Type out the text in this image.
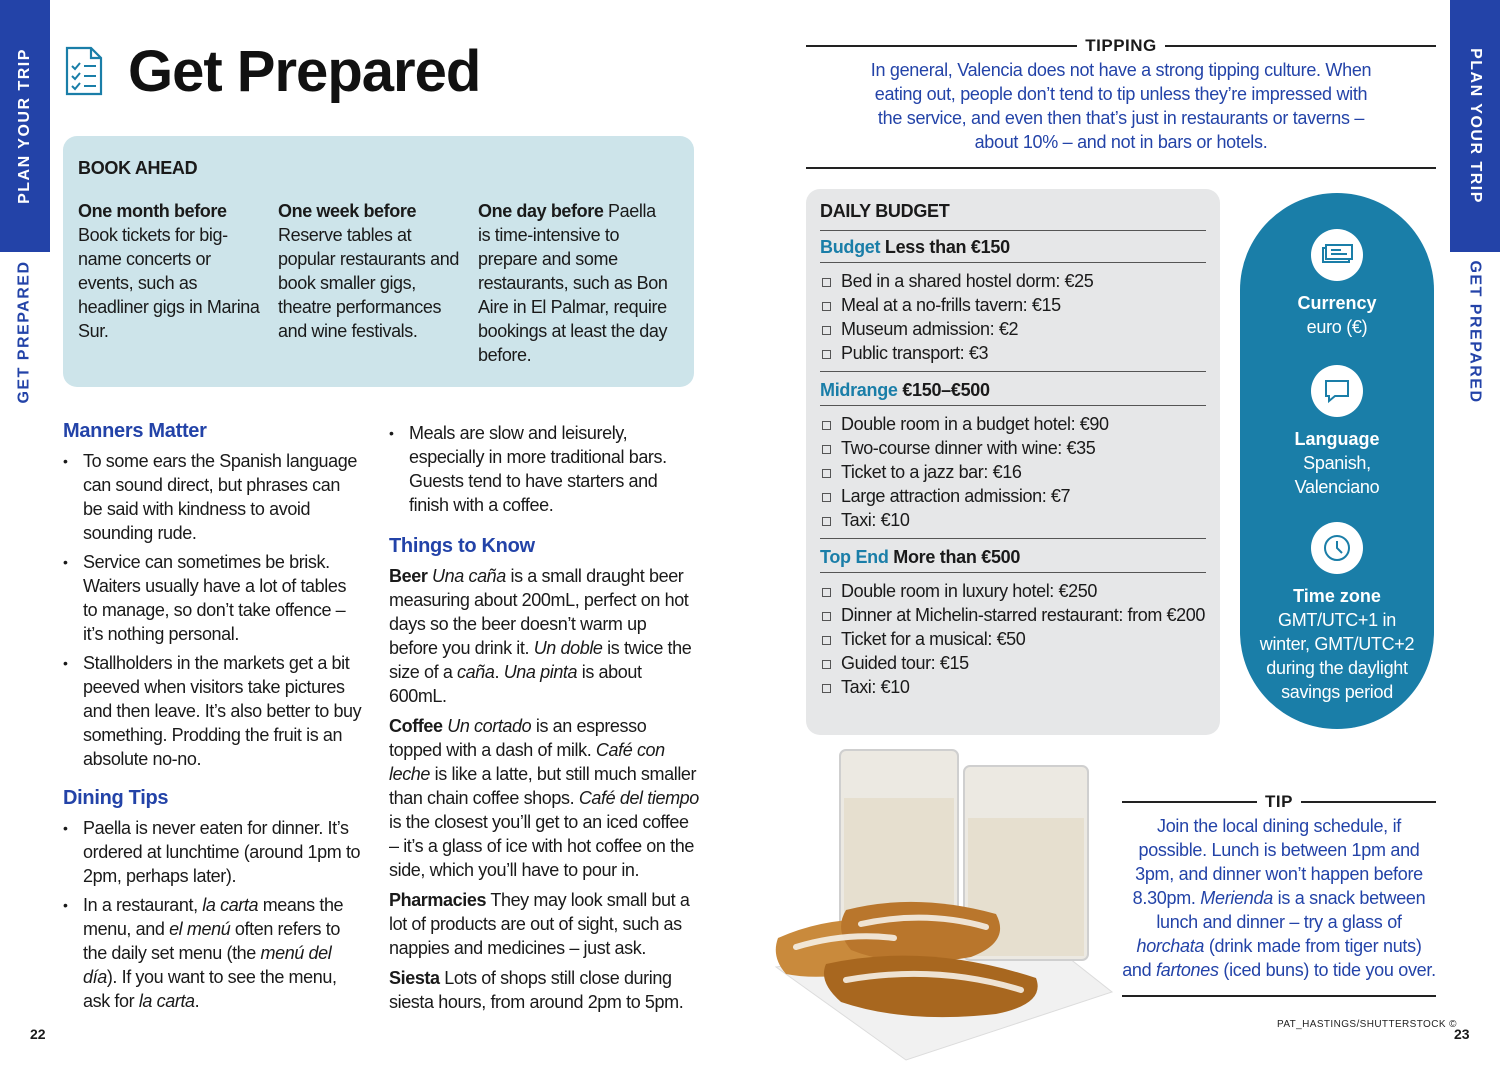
PLAN YOUR TRIP
GET PREPARED
PLAN YOUR TRIP
GET PREPARED
Get Prepared
BOOK AHEAD
One month before
Book tickets for big-name concerts or events, such as headliner gigs in Marina Sur.
One week before
Reserve tables at popular restaurants and book smaller gigs, theatre performances and wine festivals.
One day before Paella is time-intensive to prepare and some restaurants, such as Bon Aire in El Palmar, require bookings at least the day before.
Manners Matter
• To some ears the Spanish language can sound direct, but phrases can be said with kindness to avoid sounding rude.
• Service can sometimes be brisk. Waiters usually have a lot of tables to manage, so don’t take offence – it’s nothing personal.
• Stallholders in the markets get a bit peeved when visitors take pictures and then leave. It’s also better to buy something. Prodding the fruit is an absolute no-no.
Dining Tips
• Paella is never eaten for dinner. It’s ordered at lunchtime (around 1pm to 2pm, perhaps later).
• In a restaurant, la carta means the menu, and el menú often refers to the daily set menu (the menú del día). If you want to see the menu, ask for la carta.
• Meals are slow and leisurely, especially in more traditional bars. Guests tend to have starters and finish with a coffee.
Things to Know

Beer Una caña is a small draught beer measuring about 200mL, perfect on hot days so the beer doesn’t warm up before you drink it. Un doble is twice the size of a caña. Una pinta is about 600mL.

Coffee Un cortado is an espresso topped with a dash of milk. Café con leche is like a latte, but still much smaller than chain coffee shops. Café del tiempo is the closest you’ll get to an iced coffee – it’s a glass of ice with hot coffee on the side, which you’ll have to pour in.

Pharmacies They may look small but a lot of products are out of sight, such as nappies and medicines – just ask.

Siesta Lots of shops still close during siesta hours, from around 2pm to 5pm.

TIPPING

In general, Valencia does not have a strong tipping culture. When eating out, people don’t tend to tip unless they’re impressed with the service, and even then that’s just in restaurants or taverns – about 10% – and not in bars or hotels.

DAILY BUDGET
Budget Less than €150
Bed in a shared hostel dorm: €25
Meal at a no-frills tavern: €15
Museum admission: €2
Public transport: €3
Midrange €150–€500
Double room in a budget hotel: €90
Two-course dinner with wine: €35
Ticket to a jazz bar: €16
Large attraction admission: €7
Taxi: €10
Top End More than €500
Double room in luxury hotel: €250
Dinner at Michelin-starred restaurant: from €200
Ticket for a musical: €50
Guided tour: €15
Taxi: €10
Currency
euro (€)
Language
Spanish, Valenciano
Time zone
GMT/UTC+1 in winter, GMT/UTC+2 during the daylight savings period
TIP

Join the local dining schedule, if possible. Lunch is between 1pm and 3pm, and dinner won’t happen before 8.30pm. Merienda is a snack between lunch and dinner – try a glass of horchata (drink made from tiger nuts) and fartones (iced buns) to tide you over.

PAT_HASTINGS/SHUTTERSTOCK ©
22	23
